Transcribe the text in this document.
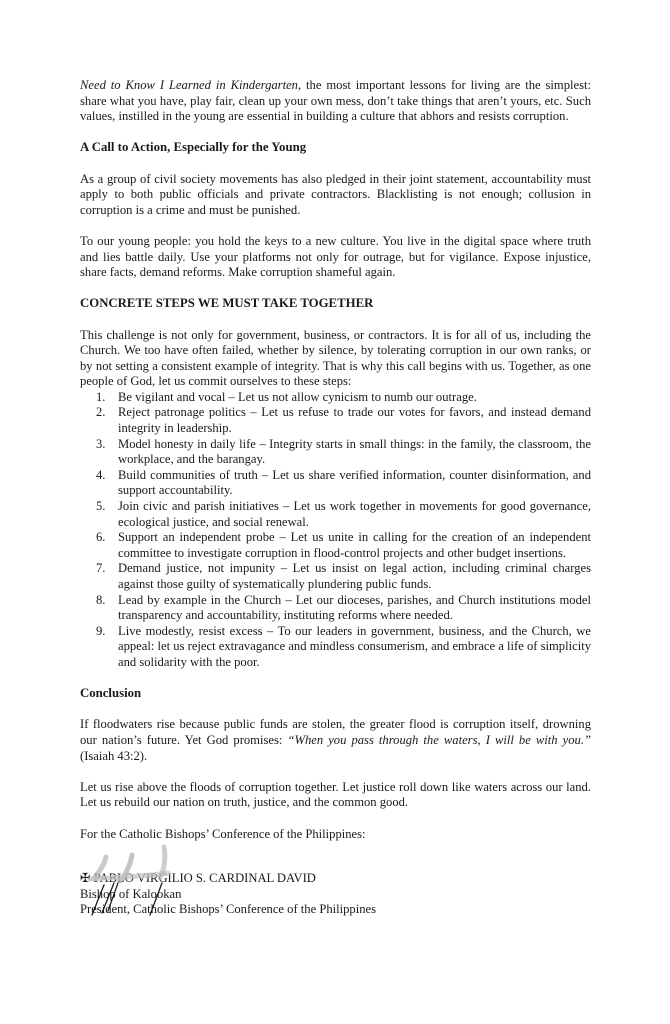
Need to Know I Learned in Kindergarten, the most important lessons for living are the simplest: share what you have, play fair, clean up your own mess, don’t take things that aren’t yours, etc. Such values, instilled in the young are essential in building a culture that abhors and resists corruption.

A Call to Action, Especially for the Young

As a group of civil society movements has also pledged in their joint statement, accountability must apply to both public officials and private contractors. Blacklisting is not enough; collusion in corruption is a crime and must be punished.

To our young people: you hold the keys to a new culture. You live in the digital space where truth and lies battle daily. Use your platforms not only for outrage, but for vigilance. Expose injustice, share facts, demand reforms. Make corruption shameful again.

CONCRETE STEPS WE MUST TAKE TOGETHER

This challenge is not only for government, business, or contractors. It is for all of us, including the Church. We too have often failed, whether by silence, by tolerating corruption in our own ranks, or by not setting a consistent example of integrity. That is why this call begins with us. Together, as one people of God, let us commit ourselves to these steps:

1. Be vigilant and vocal – Let us not allow cynicism to numb our outrage.
2. Reject patronage politics – Let us refuse to trade our votes for favors, and instead demand integrity in leadership.
3. Model honesty in daily life – Integrity starts in small things: in the family, the classroom, the workplace, and the barangay.
4. Build communities of truth – Let us share verified information, counter disinformation, and support accountability.
5. Join civic and parish initiatives – Let us work together in movements for good governance, ecological justice, and social renewal.
6. Support an independent probe – Let us unite in calling for the creation of an independent committee to investigate corruption in flood-control projects and other budget insertions.
7. Demand justice, not impunity – Let us insist on legal action, including criminal charges against those guilty of systematically plundering public funds.
8. Lead by example in the Church – Let our dioceses, parishes, and Church institutions model transparency and accountability, instituting reforms where needed.
9. Live modestly, resist excess – To our leaders in government, business, and the Church, we appeal: let us reject extravagance and mindless consumerism, and embrace a life of simplicity and solidarity with the poor.
Conclusion

If floodwaters rise because public funds are stolen, the greater flood is corruption itself, drowning our nation’s future. Yet God promises: “When you pass through the waters, I will be with you.” (Isaiah 43:2).

Let us rise above the floods of corruption together. Let justice roll down like waters across our land. Let us rebuild our nation on truth, justice, and the common good.

For the Catholic Bishops’ Conference of the Philippines:

✠ PABLO VIRGILIO S. CARDINAL DAVID
Bishop of Kalookan
President, Catholic Bishops’ Conference of the Philippines
